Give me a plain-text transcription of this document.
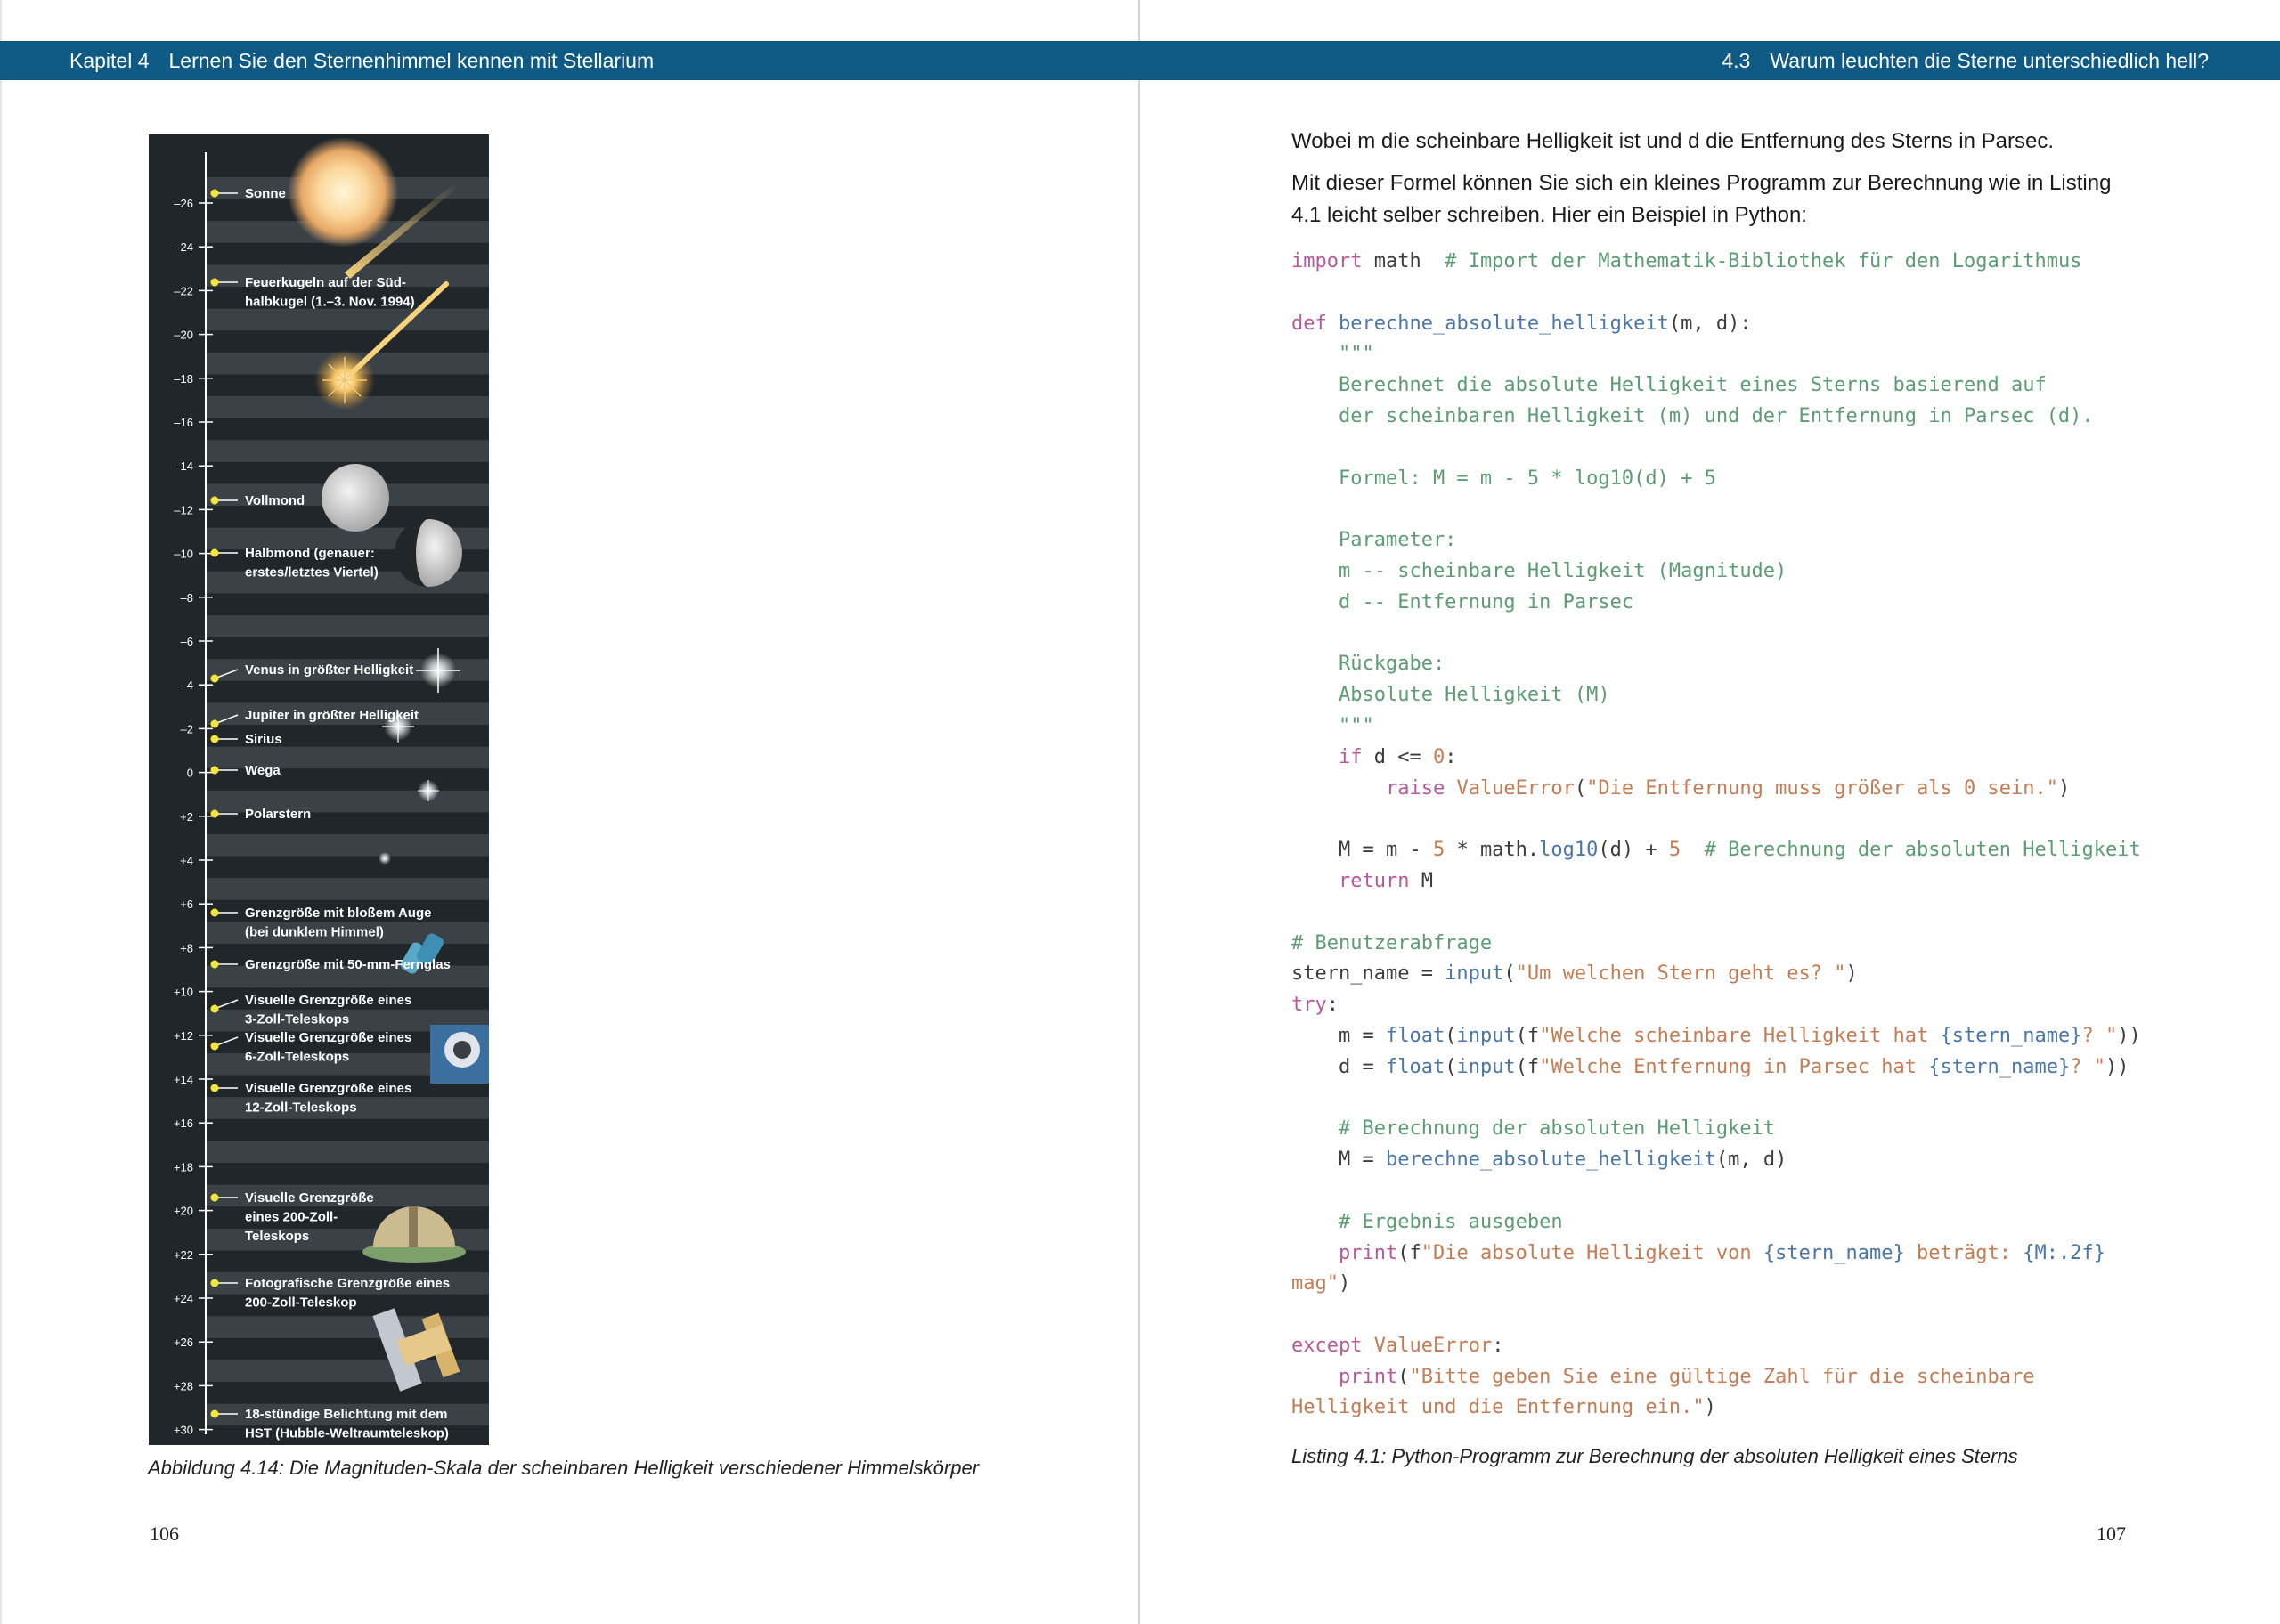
Kapitel 4 Lernen Sie den Sternenhimmel kennen mit Stellarium	4.3 Warum leuchten die Sterne unterschiedlich hell?
–26
–24
–22
–20
–18
–16
–14
–12
–10
–8
–6
–4
–2
0
+2
+4
+6
+8
+10
+12
+14
+16
+18
+20
+22
+24
+26
+28
+30
Sonne
Feuerkugeln auf der Süd-halbkugel (1.–3. Nov. 1994)
Vollmond
Halbmond (genauer: erstes/letztes Viertel)
Venus in größter Helligkeit
Jupiter in größter Helligkeit
Sirius
Wega
Polarstern
Grenzgröße mit bloßem Auge (bei dunklem Himmel)
Grenzgröße mit 50-mm-Fernglas
Visuelle Grenzgröße eines 3-Zoll-Teleskops
Visuelle Grenzgröße eines 6-Zoll-Teleskops
Visuelle Grenzgröße eines 12-Zoll-Teleskops
Visuelle Grenzgröße eines 200-Zoll-Teleskops
Fotografische Grenzgröße eines 200-Zoll-Teleskop
18-stündige Belichtung mit dem HST (Hubble-Weltraumteleskop)
Abbildung 4.14: Die Magnituden-Skala der scheinbaren Helligkeit verschiedener Himmelskörper
106
Wobei m die scheinbare Helligkeit ist und d die Entfernung des Sterns in Parsec.
Mit dieser Formel können Sie sich ein kleines Programm zur Berechnung wie in Listing 4.1 leicht selber schreiben. Hier ein Beispiel in Python:
import math  # Import der Mathematik-Bibliothek für den Logarithmus

def berechne_absolute_helligkeit(m, d):
"""
Berechnet die absolute Helligkeit eines Sterns basierend auf
der scheinbaren Helligkeit (m) und der Entfernung in Parsec (d).

Formel: M = m - 5 * log10(d) + 5

Parameter:
m -- scheinbare Helligkeit (Magnitude)
d -- Entfernung in Parsec

Rückgabe:
Absolute Helligkeit (M)
"""
if d <= 0:
raise ValueError("Die Entfernung muss größer als 0 sein.")

M = m - 5 * math.log10(d) + 5 # Berechnung der absoluten Helligkeit
return M

# Benutzerabfrage
stern_name = input("Um welchen Stern geht es? ")
try:
m = float(input(f"Welche scheinbare Helligkeit hat {stern_name}? "))
d = float(input(f"Welche Entfernung in Parsec hat {stern_name}? "))

# Berechnung der absoluten Helligkeit
M = berechne_absolute_helligkeit(m, d)

# Ergebnis ausgeben
print(f"Die absolute Helligkeit von {stern_name} beträgt: {M:.2f}
mag")

except ValueError:
print("Bitte geben Sie eine gültige Zahl für die scheinbare
Helligkeit und die Entfernung ein.")

Listing 4.1: Python-Programm zur Berechnung der absoluten Helligkeit eines Sterns
107
